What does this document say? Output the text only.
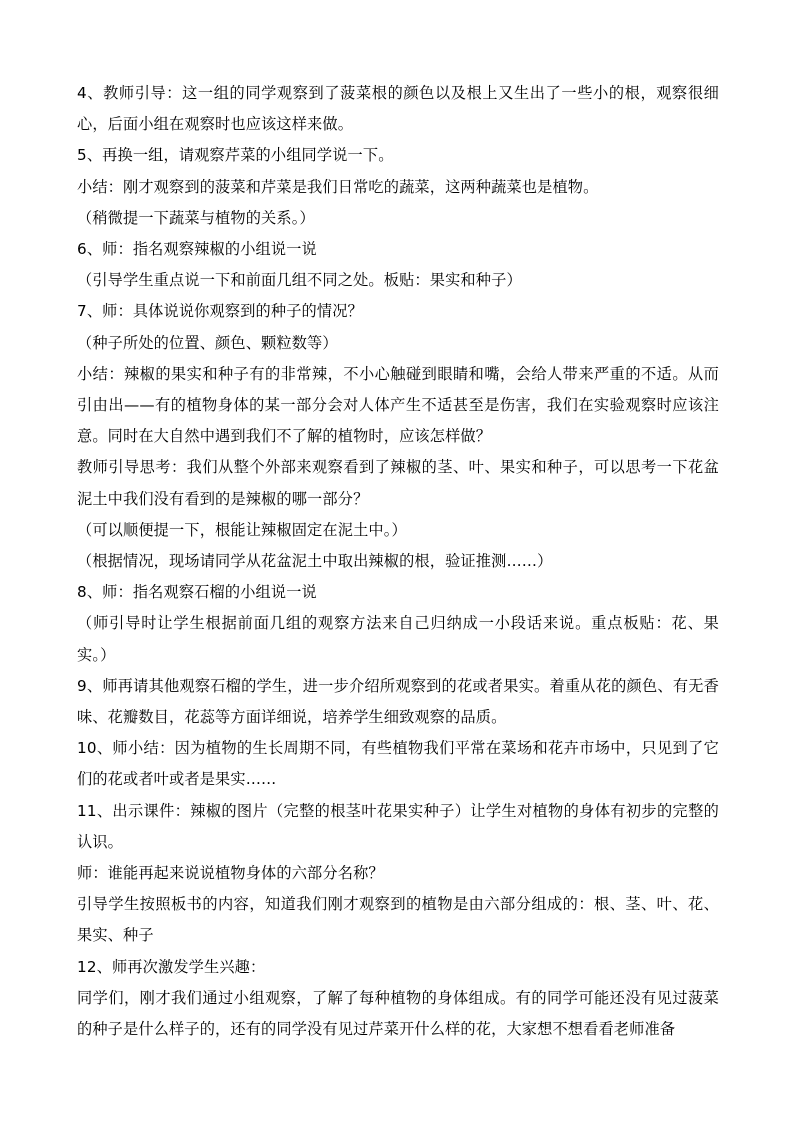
4、教师引导：这一组的同学观察到了菠菜根的颜色以及根上又生出了一些小的根，观察很细心，后面小组在观察时也应该这样来做。

5、再换一组，请观察芹菜的小组同学说一下。

小结：刚才观察到的菠菜和芹菜是我们日常吃的蔬菜，这两种蔬菜也是植物。

（稍微提一下蔬菜与植物的关系。）

6、师：指名观察辣椒的小组说一说

（引导学生重点说一下和前面几组不同之处。板贴：果实和种子）

7、师：具体说说你观察到的种子的情况？

（种子所处的位置、颜色、颗粒数等）

小结：辣椒的果实和种子有的非常辣，不小心触碰到眼睛和嘴，会给人带来严重的不适。从而引由出——有的植物身体的某一部分会对人体产生不适甚至是伤害，我们在实验观察时应该注意。同时在大自然中遇到我们不了解的植物时，应该怎样做？

教师引导思考：我们从整个外部来观察看到了辣椒的茎、叶、果实和种子，可以思考一下花盆泥土中我们没有看到的是辣椒的哪一部分？

（可以顺便提一下，根能让辣椒固定在泥土中。）

（根据情况，现场请同学从花盆泥土中取出辣椒的根，验证推测……）

8、师：指名观察石榴的小组说一说

（师引导时让学生根据前面几组的观察方法来自己归纳成一小段话来说。重点板贴：花、果实。）

9、师再请其他观察石榴的学生，进一步介绍所观察到的花或者果实。着重从花的颜色、有无香味、花瓣数目，花蕊等方面详细说，培养学生细致观察的品质。

10、师小结：因为植物的生长周期不同，有些植物我们平常在菜场和花卉市场中，只见到了它们的花或者叶或者是果实……

11、出示课件：辣椒的图片（完整的根茎叶花果实种子）让学生对植物的身体有初步的完整的认识。

师：谁能再起来说说植物身体的六部分名称？

引导学生按照板书的内容，知道我们刚才观察到的植物是由六部分组成的：根、茎、叶、花、果实、种子

12、师再次激发学生兴趣：

同学们，刚才我们通过小组观察，了解了每种植物的身体组成。有的同学可能还没有见过菠菜的种子是什么样子的，还有的同学没有见过芹菜开什么样的花，大家想不想看看老师准备
